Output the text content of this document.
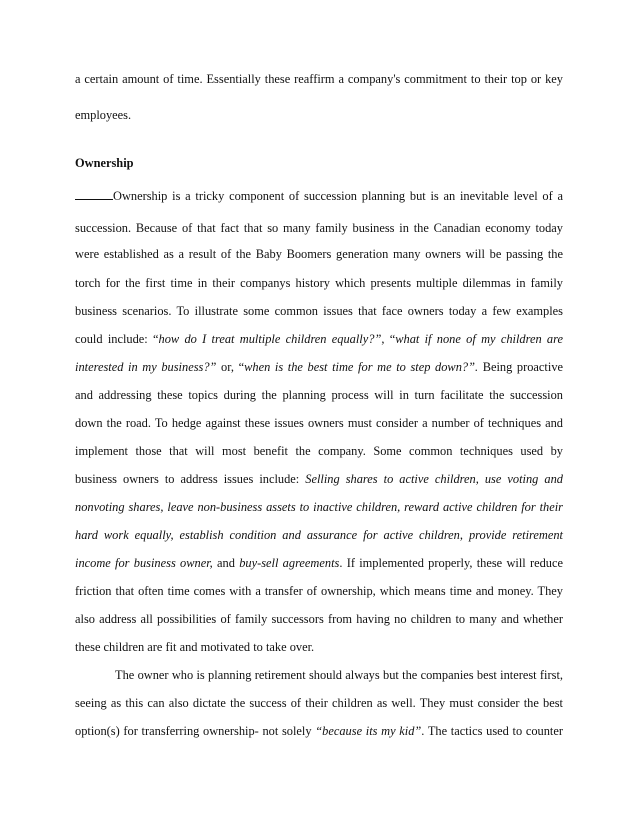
a certain amount of time. Essentially these reaffirm a company's commitment to their top or key
employees.
Ownership
Ownership is a tricky component of succession planning but is an inevitable level of a
succession. Because of that fact that so many family business in the Canadian economy today
were established as a result of the Baby Boomers generation many owners will be passing the
torch for the first time in their companys history which presents multiple dilemmas in family
business scenarios. To illustrate some common issues that face owners today a few examples
could include: “how do I treat multiple children equally?”, “what if none of my children are
interested in my business?” or, “when is the best time for me to step down?”. Being proactive
and addressing these topics during the planning process will in turn facilitate the succession
down the road. To hedge against these issues owners must consider a number of techniques and
implement those that will most benefit the company. Some common techniques used by
business owners to address issues include: Selling shares to active children, use voting and
nonvoting shares, leave non-business assets to inactive children, reward active children for their
hard work equally, establish condition and assurance for active children, provide retirement
income for business owner, and buy-sell agreements. If implemented properly, these will reduce
friction that often time comes with a transfer of ownership, which means time and money. They
also address all possibilities of family successors from having no children to many and whether
these children are fit and motivated to take over.
The owner who is planning retirement should always but the companies best interest first,
seeing as this can also dictate the success of their children as well. They must consider the best
option(s) for transferring ownership- not solely “because its my kid”. The tactics used to counter
